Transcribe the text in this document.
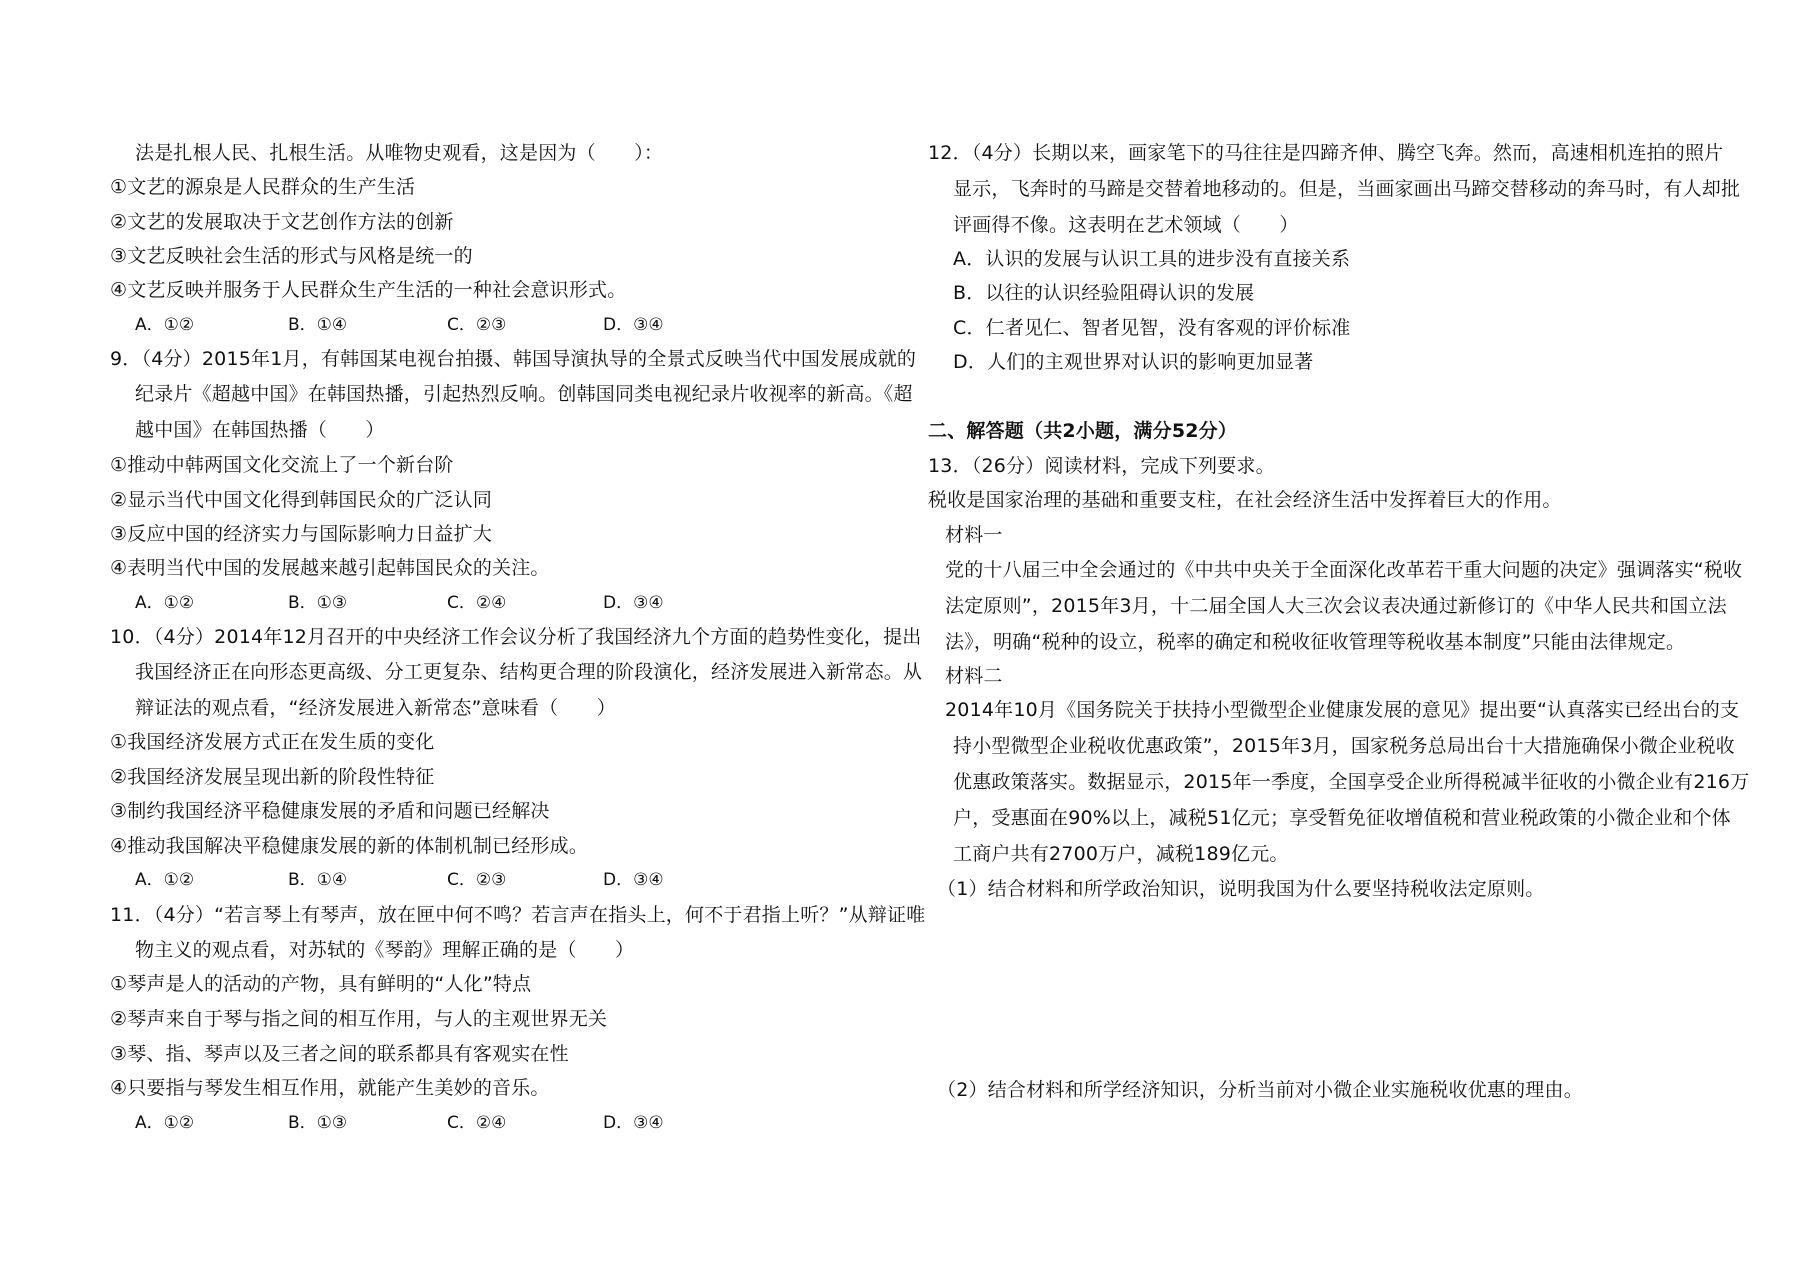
法是扎根人民、扎根生活。从唯物史观看，这是因为（　　）：
①文艺的源泉是人民群众的生产生活
②文艺的发展取决于文艺创作方法的创新
③文艺反映社会生活的形式与风格是统一的
④文艺反映并服务于人民群众生产生活的一种社会意识形式。
A．①②	B．①④	C．②③	D．③④
9．（4分）2015年1月，有韩国某电视台拍摄、韩国导演执导的全景式反映当代中国发展成就的
纪录片《超越中国》在韩国热播，引起热烈反响。创韩国同类电视纪录片收视率的新高。《超
越中国》在韩国热播（　　）
①推动中韩两国文化交流上了一个新台阶
②显示当代中国文化得到韩国民众的广泛认同
③反应中国的经济实力与国际影响力日益扩大
④表明当代中国的发展越来越引起韩国民众的关注。
A．①②	B．①③	C．②④	D．③④
10．（4分）2014年12月召开的中央经济工作会议分析了我国经济九个方面的趋势性变化，提出
我国经济正在向形态更高级、分工更复杂、结构更合理的阶段演化，经济发展进入新常态。从
辩证法的观点看，“经济发展进入新常态”意味看（　　）
①我国经济发展方式正在发生质的变化
②我国经济发展呈现出新的阶段性特征
③制约我国经济平稳健康发展的矛盾和问题已经解决
④推动我国解决平稳健康发展的新的体制机制已经形成。
A．①②	B．①④	C．②③	D．③④
11．（4分）“若言琴上有琴声，放在匣中何不鸣？若言声在指头上，何不于君指上听？”从辩证唯
物主义的观点看，对苏轼的《琴韵》理解正确的是（　　）
①琴声是人的活动的产物，具有鲜明的“人化”特点
②琴声来自于琴与指之间的相互作用，与人的主观世界无关
③琴、指、琴声以及三者之间的联系都具有客观实在性
④只要指与琴发生相互作用，就能产生美妙的音乐。
A．①②	B．①③	C．②④	D．③④
12．（4分）长期以来，画家笔下的马往往是四蹄齐伸、腾空飞奔。然而，高速相机连拍的照片
显示，飞奔时的马蹄是交替着地移动的。但是，当画家画出马蹄交替移动的奔马时，有人却批
评画得不像。这表明在艺术领域（　　）
A．认识的发展与认识工具的进步没有直接关系
B．以往的认识经验阻碍认识的发展
C．仁者见仁、智者见智，没有客观的评价标准
D．人们的主观世界对认识的影响更加显著
二、解答题（共2小题，满分52分）
13．（26分）阅读材料，完成下列要求。
税收是国家治理的基础和重要支柱，在社会经济生活中发挥着巨大的作用。
材料一
党的十八届三中全会通过的《中共中央关于全面深化改革若干重大问题的决定》强调落实“税收
法定原则”，2015年3月，十二届全国人大三次会议表决通过新修订的《中华人民共和国立法
法》，明确“税种的设立，税率的确定和税收征收管理等税收基本制度”只能由法律规定。
材料二
2014年10月《国务院关于扶持小型微型企业健康发展的意见》提出要“认真落实已经出台的支
持小型微型企业税收优惠政策”，2015年3月，国家税务总局出台十大措施确保小微企业税收
优惠政策落实。数据显示，2015年一季度，全国享受企业所得税减半征收的小微企业有216万
户，受惠面在90%以上，减税51亿元；享受暂免征收增值税和营业税政策的小微企业和个体
工商户共有2700万户，减税189亿元。
（1）结合材料和所学政治知识，说明我国为什么要坚持税收法定原则。
（2）结合材料和所学经济知识，分析当前对小微企业实施税收优惠的理由。
